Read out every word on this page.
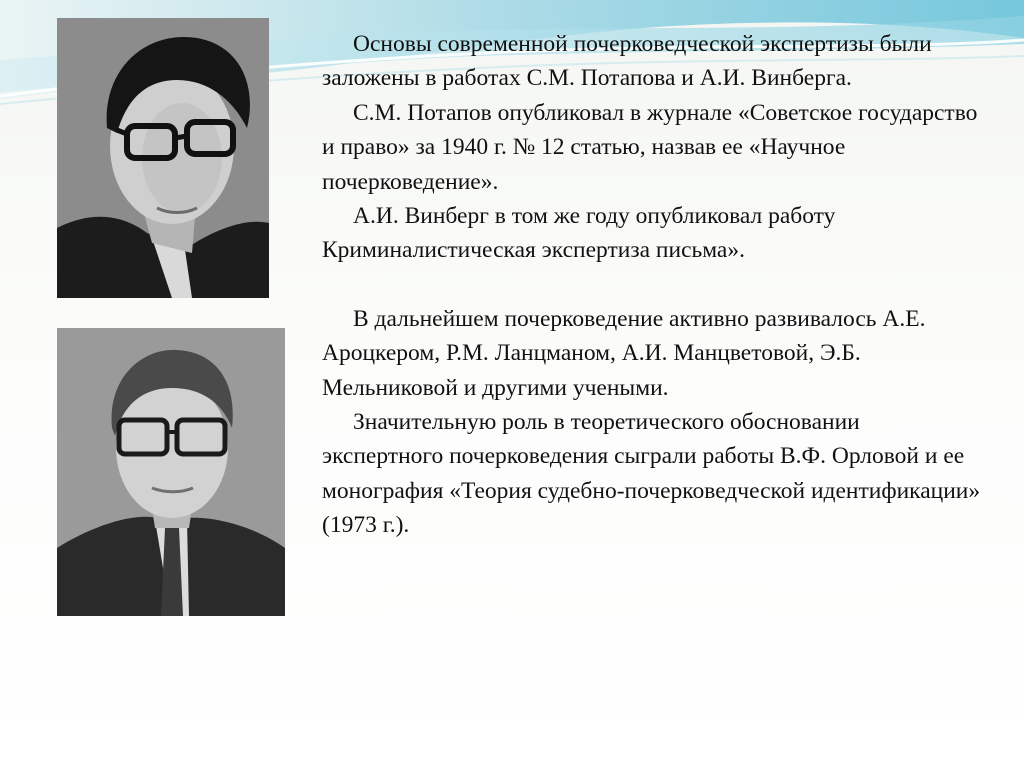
Основы современной почерковедческой экспертизы были заложены в работах С.М. Потапова и А.И. Винберга.

С.М. Потапов опубликовал в журнале «Советское государство и право» за 1940 г. № 12 статью, назвав ее «Научное почерковедение».

А.И. Винберг в том же году опубликовал работу Криминалистическая экспертиза письма».

В дальнейшем почерковедение активно развивалось А.Е. Ароцкером, Р.М. Ланцманом, А.И. Манцветовой, Э.Б. Мельниковой и другими учеными.

Значительную роль в теоретического обосновании экспертного почерковедения сыграли работы В.Ф. Орловой и ее монография «Теория судебно-почерковедческой идентификации» (1973 г.).
